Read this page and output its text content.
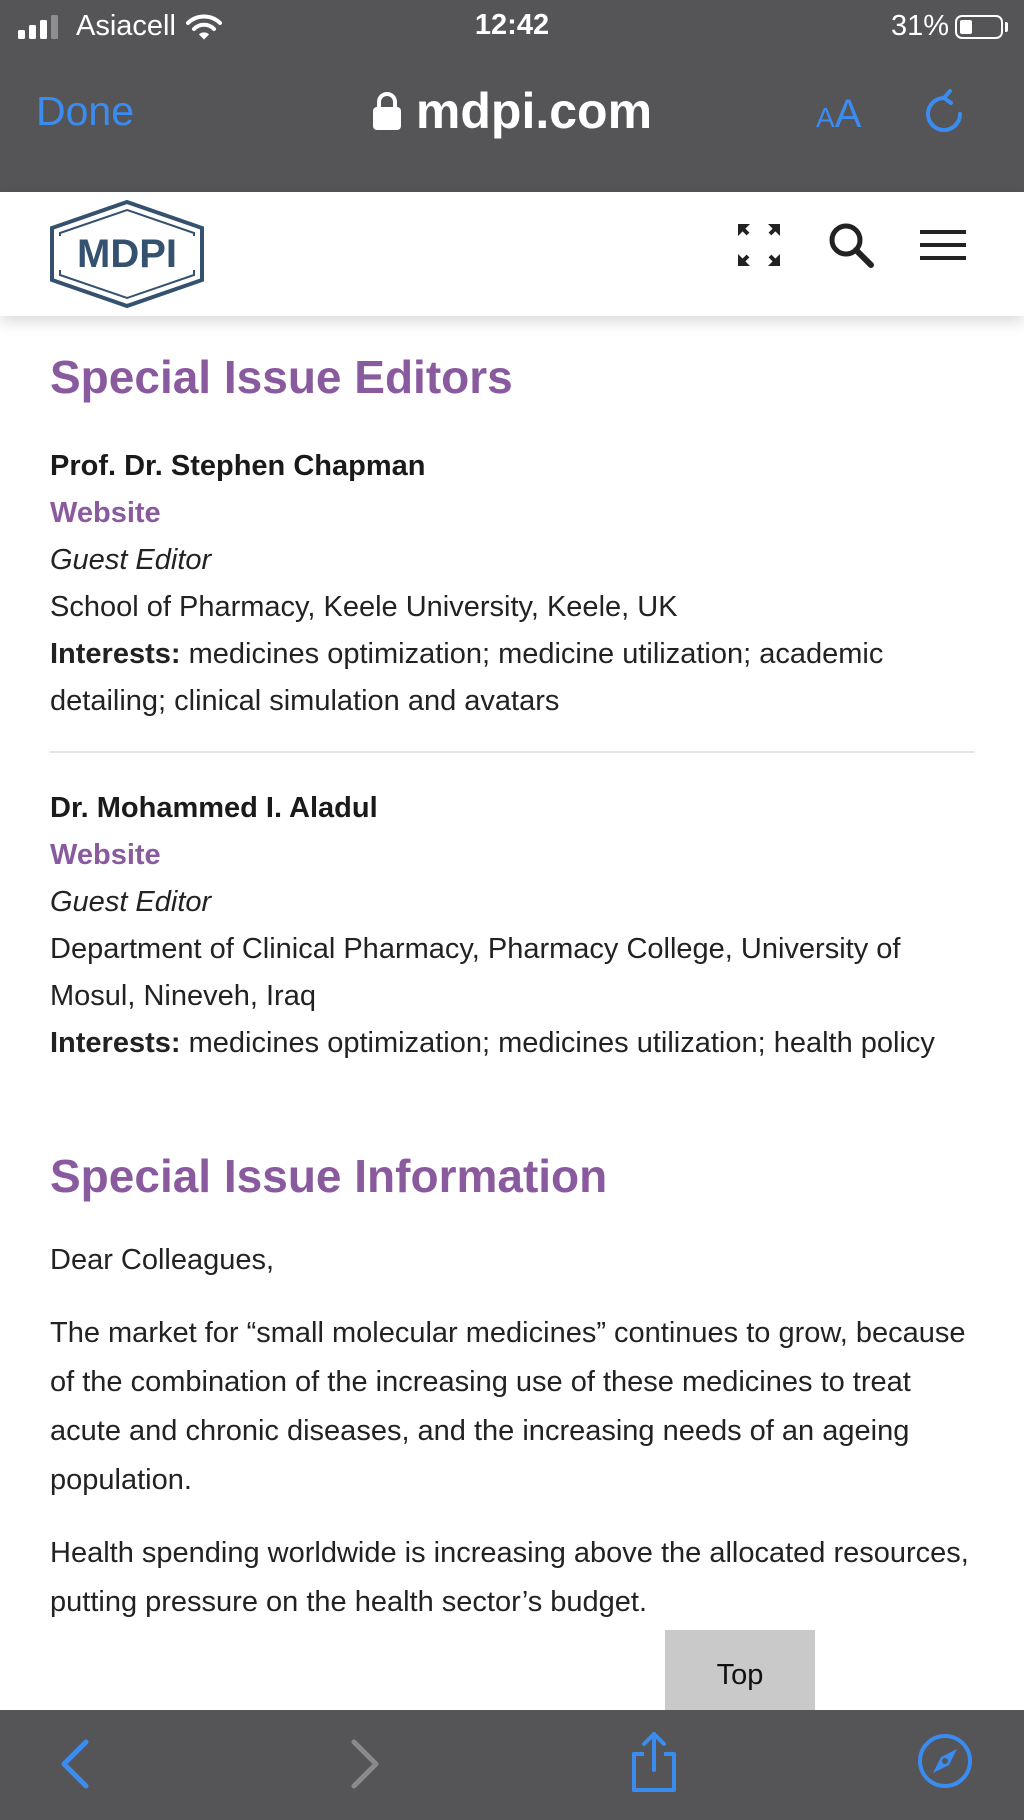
Asiacell	12:42	31%
Done	mdpi.com	AA
MDPI
Special Issue Editors
Prof. Dr. Stephen Chapman
Website
Guest Editor
School of Pharmacy, Keele University, Keele, UK
Interests: medicines optimization; medicine utilization; academic detailing; clinical simulation and avatars
Dr. Mohammed I. Aladul
Website
Guest Editor
Department of Clinical Pharmacy, Pharmacy College, University of Mosul, Nineveh, Iraq
Interests: medicines optimization; medicines utilization; health policy
Special Issue Information

Dear Colleagues,

The market for “small molecular medicines” continues to grow, because of the combination of the increasing use of these medicines to treat acute and chronic diseases, and the increasing needs of an ageing population.

Health spending worldwide is increasing above the allocated resources, putting pressure on the health sector’s budget.

Top
